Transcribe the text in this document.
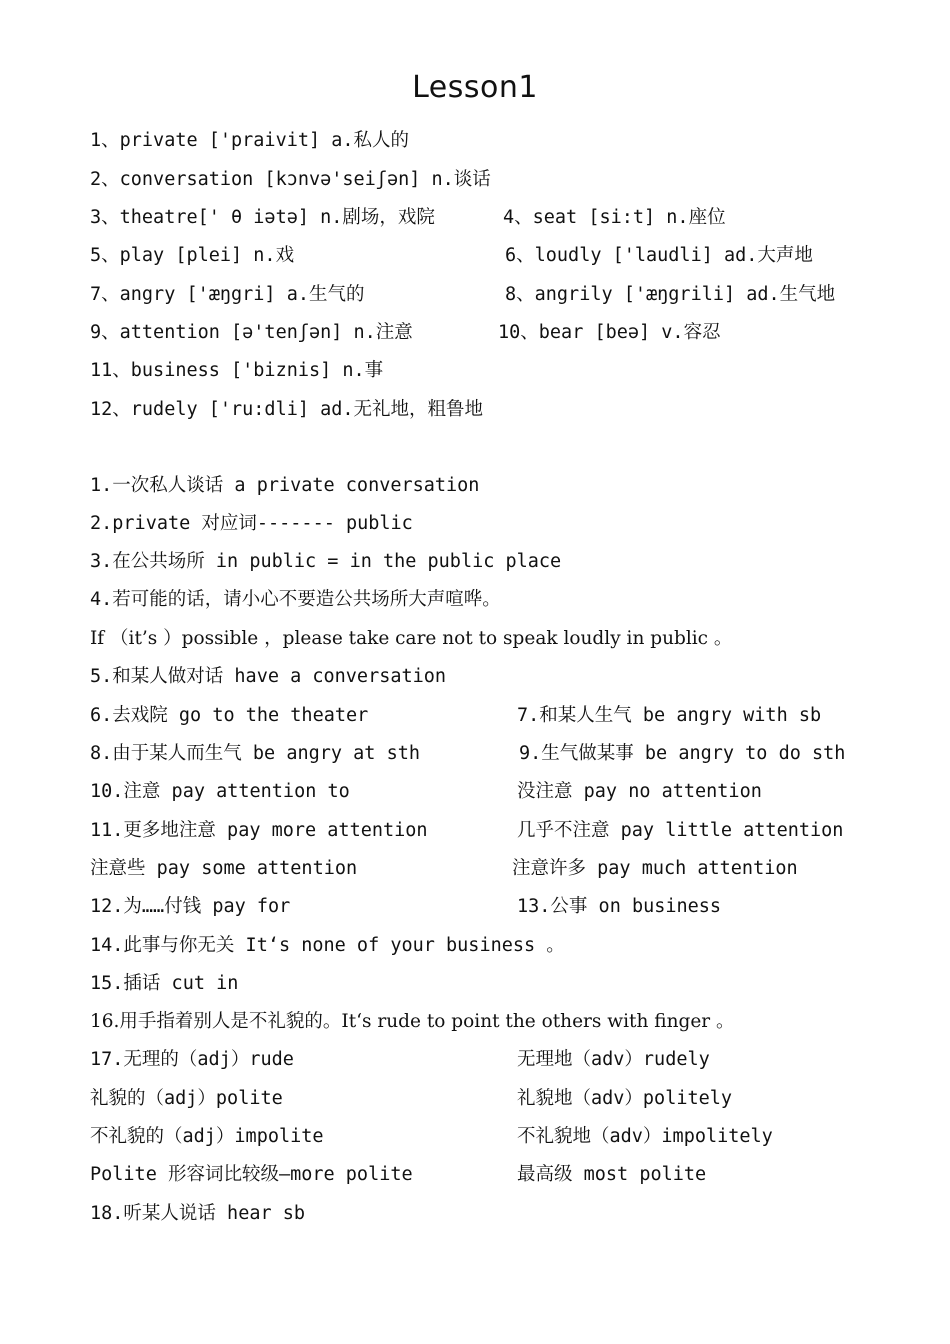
Lesson1
1、private ['praivit] a.私人的
2、conversation [kɔnvə'seiʃən] n.谈话
3、theatre[' θ iətə] n.剧场，戏院	4、seat [si:t] n.座位
5、play [plei] n.戏	6、loudly ['laudli] ad.大声地
7、angry ['æŋgri] a.生气的	8、angrily ['æŋgrili] ad.生气地
9、attention [ə'tenʃən] n.注意	10、bear [beə] v.容忍
11、business ['biznis] n.事
12、rudely ['ru:dli] ad.无礼地，粗鲁地
1.一次私人谈话 a private conversation
2.private 对应词------- public
3.在公共场所 in public = in the public place
4.若可能的话，请小心不要造公共场所大声喧哗。
If （it’s ）possible ，please take care not to speak loudly in public 。
5.和某人做对话 have a conversation
6.去戏院 go to the theater	7.和某人生气 be angry with sb
8.由于某人而生气 be angry at sth	9.生气做某事 be angry to do sth
10.注意 pay attention to	没注意 pay no attention
11.更多地注意 pay more attention	几乎不注意 pay little attention
注意些 pay some attention	注意许多 pay much attention
12.为……付钱 pay for	13.公事 on business
14.此事与你无关 It‘s none of your business 。
15.插话 cut in
16.用手指着别人是不礼貌的。It‘s rude to point the others with finger 。
17.无理的（adj）rude	无理地（adv）rudely
礼貌的（adj）polite	礼貌地（adv）politely
不礼貌的（adj）impolite	不礼貌地（adv）impolitely
Polite 形容词比较级—more polite	最高级 most polite
18.听某人说话 hear sb
